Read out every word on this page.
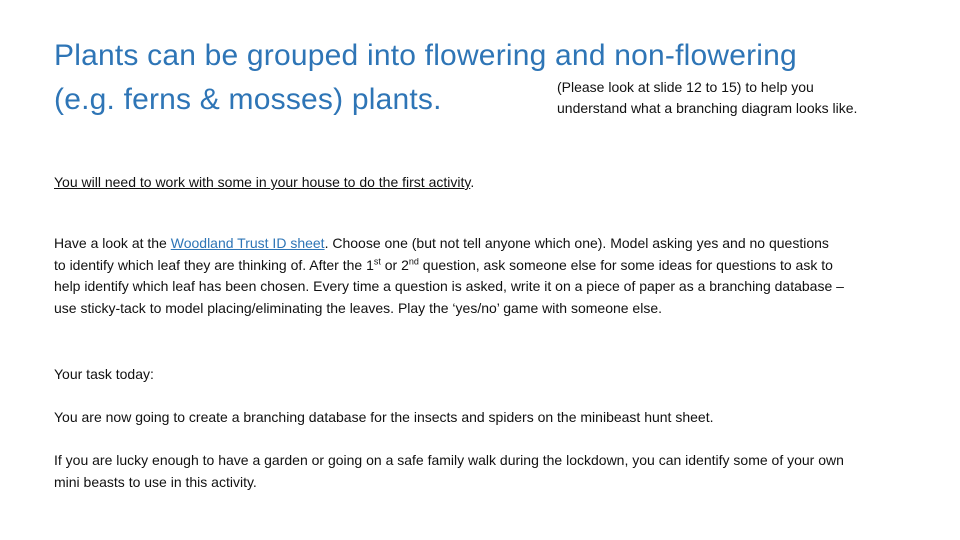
Plants can be grouped into flowering and non-flowering
(e.g. ferns & mosses) plants.	(Please look at slide 12 to 15) to help you understand what a branching diagram looks like.
You will need to work with some in your house to do the first activity.
Have a look at the Woodland Trust ID sheet. Choose one (but not tell anyone which one). Model asking yes and no questions to identify which leaf they are thinking of. After the 1st or 2nd question, ask someone else for some ideas for questions to ask to help identify which leaf has been chosen. Every time a question is asked, write it on a piece of paper as a branching database – use sticky-tack to model placing/eliminating the leaves. Play the ‘yes/no’ game with someone else.
Your task today:
You are now going to create a branching database for the insects and spiders on the minibeast hunt sheet.
If you are lucky enough to have a garden or going on a safe family walk during the lockdown, you can identify some of your own mini beasts to use in this activity.
